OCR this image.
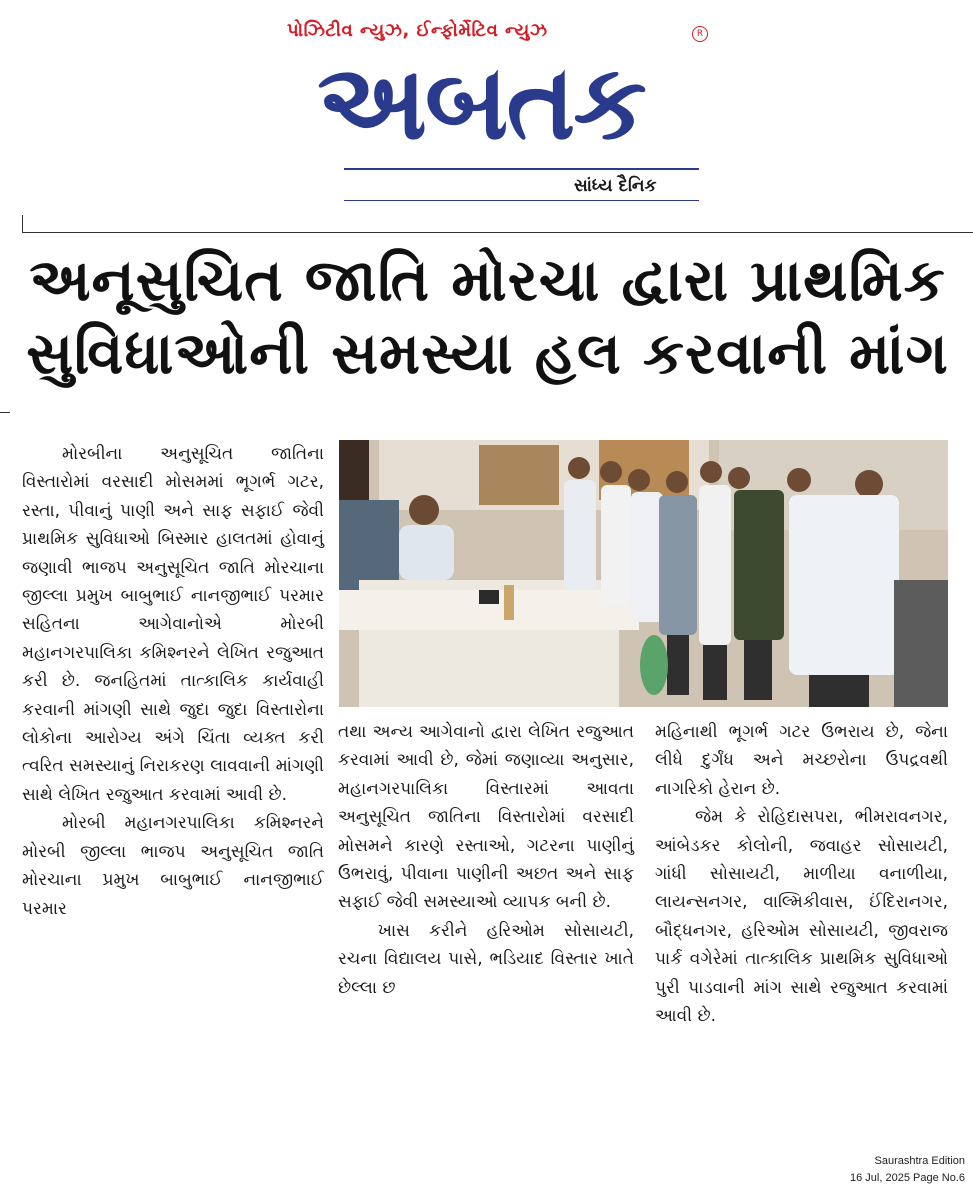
પોઝિટીવ ન્યુઝ, ઈન્ફોર્મેટિવ ન્યુઝ
અબતક
R
સાંધ્ય દૈનિક
અનૂસુચિત જાતિ મોરચા દ્વારા પ્રાથમિક
સુવિધાઓની સમસ્યા હલ કરવાની માંગ

મોરબીના અનુસૂચિત જાતિના વિસ્તારોમાં વરસાદી મોસમમાં ભૂગર્ભ ગટર, રસ્તા, પીવાનું પાણી અને સાફ સફાઈ જેવી પ્રાથમિક સુવિધાઓ બિસ્માર હાલતમાં હોવાનું જણાવી ભાજપ અનુસૂચિત જાતિ મોરચાના જીલ્લા પ્રમુખ બાબુભાઈ નાનજીભાઈ પરમાર સહિતના આગેવાનોએ મોરબી મહાનગરપાલિકા કમિશ્નરને લેખિત રજુઆત કરી છે. જનહિતમાં તાત્કાલિક કાર્યવાહી કરવાની માંગણી સાથે જુદા જુદા વિસ્તારોના લોકોના આરોગ્ય અંગે ચિંતા વ્યક્ત કરી ત્વરિત સમસ્યાનું નિરાકરણ લાવવાની માંગણી સાથે લેખિત રજુઆત કરવામાં આવી છે.

મોરબી મહાનગરપાલિકા કમિશ્નરને મોરબી જીલ્લા ભાજપ અનુસૂચિત જાતિ મોરચાના પ્રમુખ બાબુભાઈ નાનજીભાઈ પરમાર

તથા અન્ય આગેવાનો દ્વારા લેખિત રજુઆત કરવામાં આવી છે, જેમાં જણાવ્યા અનુસાર, મહાનગરપાલિકા વિસ્તારમાં આવતા અનુસૂચિત જાતિના વિસ્તારોમાં વરસાદી મોસમને કારણે રસ્તાઓ, ગટરના પાણીનું ઉભરાવું, પીવાના પાણીની અછત અને સાફ સફાઈ જેવી સમસ્યાઓ વ્યાપક બની છે.

ખાસ કરીને હરિઓમ સોસાયટી, રચના વિદ્યાલય પાસે, ભડિયાદ વિસ્તાર ખાતે છેલ્લા છ

મહિનાથી ભૂગર્ભ ગટર ઉભરાય છે, જેના લીધે દુર્ગંધ અને મચ્છરોના ઉપદ્રવથી નાગરિકો હેરાન છે.

જેમ કે રોહિદાસપરા, ભીમરાવનગર, આંબેડકર કોલોની, જવાહર સોસાયટી, ગાંધી સોસાયટી, માળીયા વનાળીયા, લાયન્સનગર, વાલ્મિકીવાસ, ઈંદિરાનગર, બૌદ્ધનગર, હરિઓમ સોસાયટી, જીવરાજ પાર્ક વગેરેમાં તાત્કાલિક પ્રાથમિક સુવિધાઓ પુરી પાડવાની માંગ સાથે રજુઆત કરવામાં આવી છે.

Saurashtra Edition
16 Jul, 2025 Page No.6
